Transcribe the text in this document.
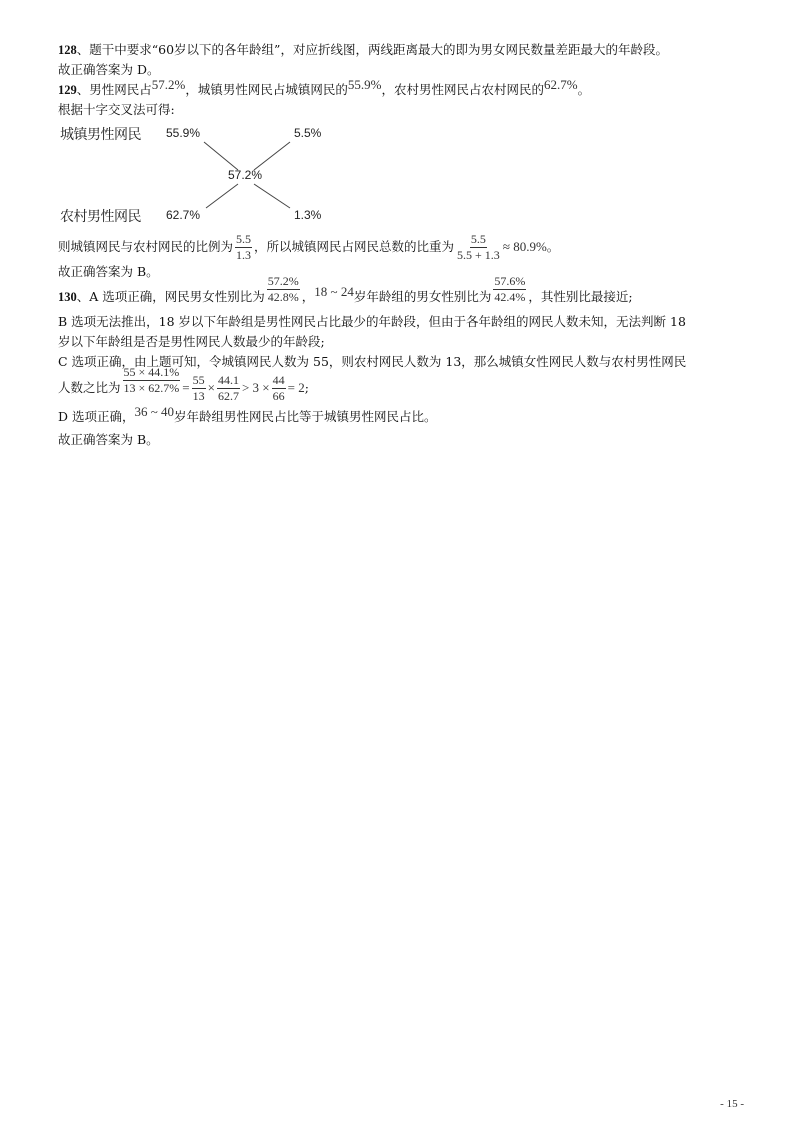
128、题干中要求“60岁以下的各年龄组”，对应折线图，两线距离最大的即为男女网民数量差距最大的年龄段。
故正确答案为 D。
129、男性网民占57.2%，城镇男性网民占城镇网民的55.9%，农村男性网民占农村网民的62.7%。
根据十字交叉法可得:
城镇男性网民 55.9%	5.5%
57.2%
农村男性网民 62.7%	1.3%
则城镇网民与农村网民的比例为 $\frac{5.5}{1.3}$ ，所以城镇网民占网民总数的比重为 $\frac{5.5}{5.5 + 1.3} \approx 80.9\%$。
故正确答案为 B。
130、A 选项正确，网民男女性别比为 $\frac{57.2\%}{42.8\%}$ ，18 ~ 24岁年龄组的男女性别比为 $\frac{57.6\%}{42.4\%}$ ，其性别比最接近;
B 选项无法推出，18 岁以下年龄组是男性网民占比最少的年龄段，但由于各年龄组的网民人数未知，无法判断 18
岁以下年龄组是否是男性网民人数最少的年龄段;
C 选项正确，由上题可知，令城镇网民人数为 55，则农村网民人数为 13，那么城镇女性网民人数与农村男性网民
人数之比为 $\frac{55 \times 44.1\%}{13 \times 62.7\%} = \frac{55}{13} \times \frac{44.1}{62.7} > 3 \times \frac{44}{66} = 2$;
D 选项正确，36 ~ 40岁年龄组男性网民占比等于城镇男性网民占比。
故正确答案为 B。
- 15 -
